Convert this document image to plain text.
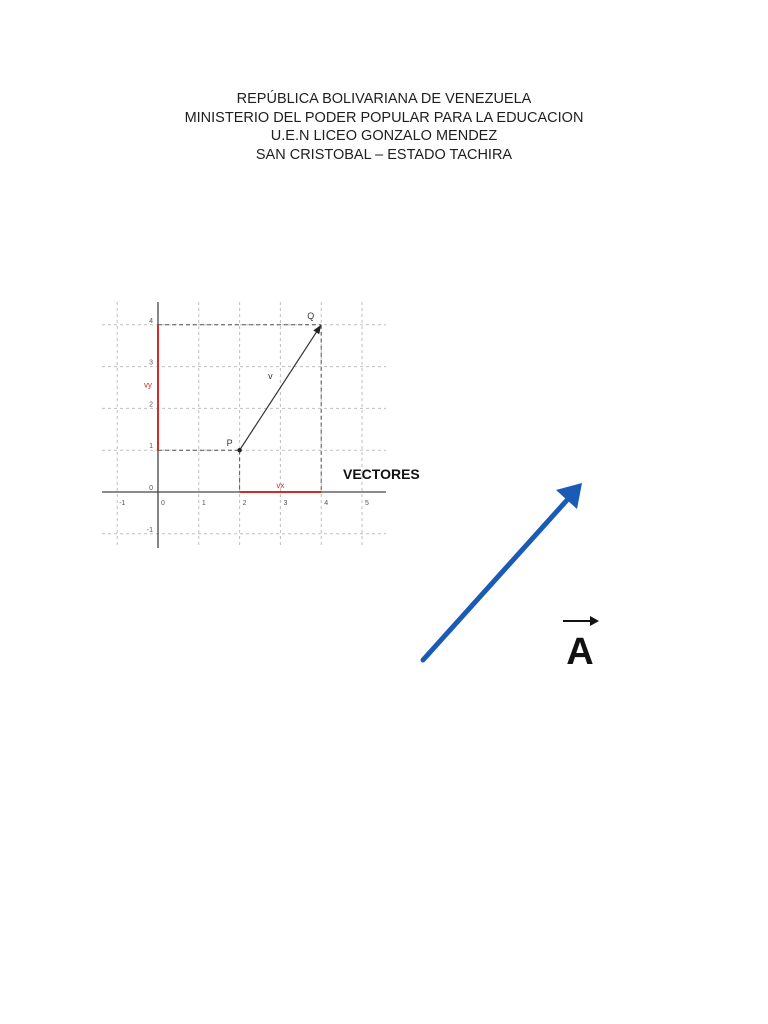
REPÚBLICA BOLIVARIANA DE VENEZUELA
MINISTERIO DEL PODER POPULAR PARA LA EDUCACION
U.E.N LICEO GONZALO MENDEZ
SAN CRISTOBAL – ESTADO TACHIRA
-1	0	1	2	3	4	5
4
3
2
1
0
-1
P
Q
v
vx
vy
A
VECTORES
